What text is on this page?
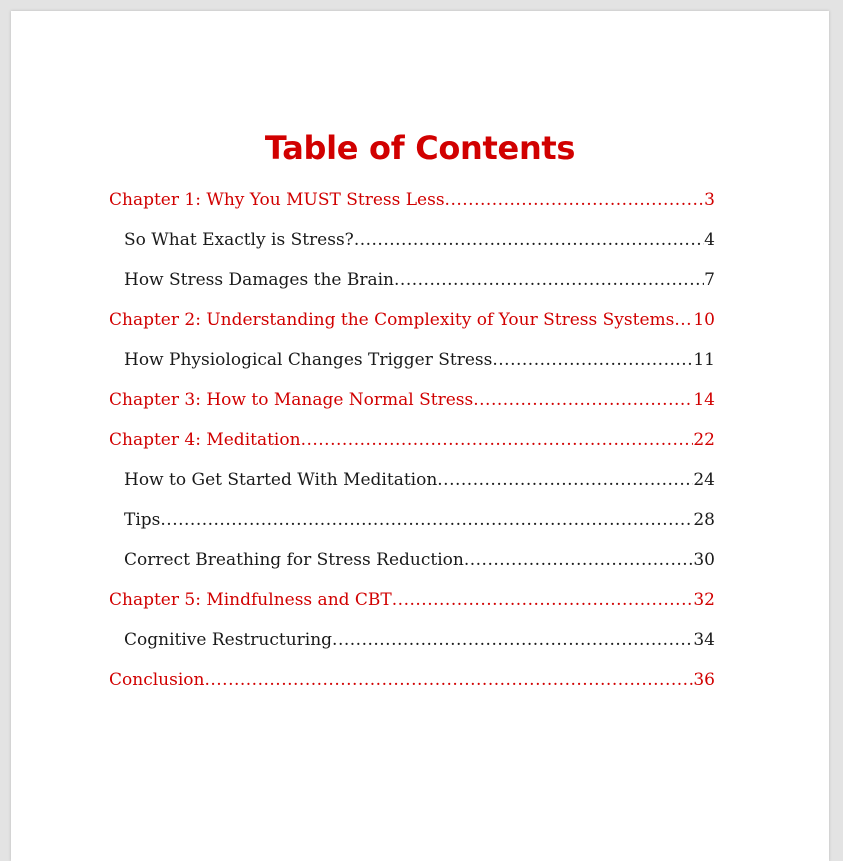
Table of Contents
Chapter 1: Why You MUST Stress Less .....	3
So What Exactly is Stress? .....	4
How Stress Damages the Brain .....	7
Chapter 2: Understanding the Complexity of Your Stress Systems ..... 10
How Physiological Changes Trigger Stress .....	11
Chapter 3: How to Manage Normal Stress .....	14
Chapter 4: Meditation .....	22
How to Get Started With Meditation .....	24
Tips .....	28
Correct Breathing for Stress Reduction .....	30
Chapter 5: Mindfulness and CBT .....	32
Cognitive Restructuring .....	34
Conclusion .....	36
